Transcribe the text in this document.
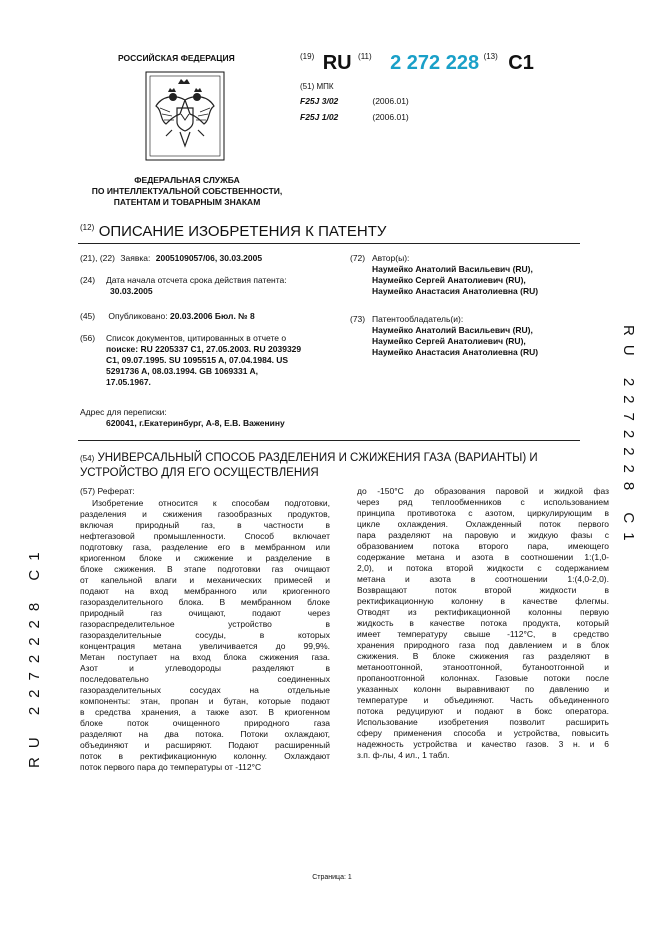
RU 2272228 C1
RU 2272228 C1
РОССИЙСКАЯ ФЕДЕРАЦИЯ
ФЕДЕРАЛЬНАЯ СЛУЖБА
ПО ИНТЕЛЛЕКТУАЛЬНОЙ СОБСТВЕННОСТИ,
ПАТЕНТАМ И ТОВАРНЫМ ЗНАКАМ
$^{(19)}$ RU $^{(11)}$ 2 272 228 $^{(13)}$ C1
(51) МПК
F25J 3/02	(2006.01)
F25J 1/02	(2006.01)
$^{(12)}$ ОПИСАНИЕ ИЗОБРЕТЕНИЯ К ПАТЕНТУ
(21), (22) Заявка: 2005109057/06, 30.03.2005
(24) Дата начала отсчета срока действия патента:
30.03.2005
(45) Опубликовано: 20.03.2006 Бюл. № 8
(56) Список документов, цитированных в отчете о
поиске: RU 2205337 C1, 27.05.2003. RU 2039329
C1, 09.07.1995. SU 1095515 A, 07.04.1984. US
5291736 A, 08.03.1994. GB 1069331 A,
17.05.1967.
Адрес для переписки:
620041, г.Екатеринбург, А-8, Е.В. Важенину
(72) Автор(ы):
Наумейко Анатолий Васильевич (RU),
Наумейко Сергей Анатолиевич (RU),
Наумейко Анастасия Анатолиевна (RU)
(73) Патентообладатель(и):
Наумейко Анатолий Васильевич (RU),
Наумейко Сергей Анатолиевич (RU),
Наумейко Анастасия Анатолиевна (RU)
$^{(54)}$ УНИВЕРСАЛЬНЫЙ СПОСОБ РАЗДЕЛЕНИЯ И СЖИЖЕНИЯ ГАЗА (ВАРИАНТЫ) И
УСТРОЙСТВО ДЛЯ ЕГО ОСУЩЕСТВЛЕНИЯ
(57) Реферат:
Изобретение относится к способам подготовки,
разделения и сжижения газообразных продуктов,
включая природный газ, в частности в
нефтегазовой промышленности. Способ включает
подготовку газа, разделение его в мембранном или
криогенном блоке и сжижение и разделение в
блоке сжижения. В этапе подготовки газ очищают
от капельной влаги и механических примесей и
подают на вход мембранного или криогенного
газоразделительного блока. В мембранном блоке
природный газ очищают, подают через
газораспределительное устройство в
газоразделительные сосуды, в которых
концентрация метана увеличивается до 99,9%.
Метан поступает на вход блока сжижения газа.
Азот и углеводороды разделяют в
последовательно соединенных
газоразделительных сосудах на отдельные
компоненты: этан, пропан и бутан, которые подают
в средства хранения, а также азот. В криогенном
блоке поток очищенного природного газа
разделяют на два потока. Потоки охлаждают,
объединяют и расширяют. Подают расширенный
поток в ректификационную колонну. Охлаждают
поток первого пара до температуры от -112°С
до -150°С до образования паровой и жидкой фаз
через ряд теплообменников с использованием
принципа противотока с азотом, циркулирующим в
цикле охлаждения. Охлажденный поток первого
пара разделяют на паровую и жидкую фазы с
образованием потока второго пара, имеющего
содержание метана и азота в соотношении 1:(1,0-
2,0), и потока второй жидкости с содержанием
метана и азота в соотношении 1:(4,0-2,0).
Возвращают поток второй жидкости в
ректификационную колонну в качестве флегмы.
Отводят из ректификационной колонны первую
жидкость в качестве потока продукта, который
имеет температуру свыше -112°С, в средство
хранения природного газа под давлением и в блок
сжижения. В блоке сжижения газ разделяют в
метаноотгонной, этаноотгонной, бутаноотгонной и
пропаноотгонной колоннах. Газовые потоки после
указанных колонн выравнивают по давлению и
температуре и объединяют. Часть объединенного
потока редуцируют и подают в бокс оператора.
Использование изобретения позволит расширить
сферу применения способа и устройства, повысить
надежность устройства и качество газов. 3 н. и 6
з.п. ф-лы, 4 ил., 1 табл.
Страница: 1
